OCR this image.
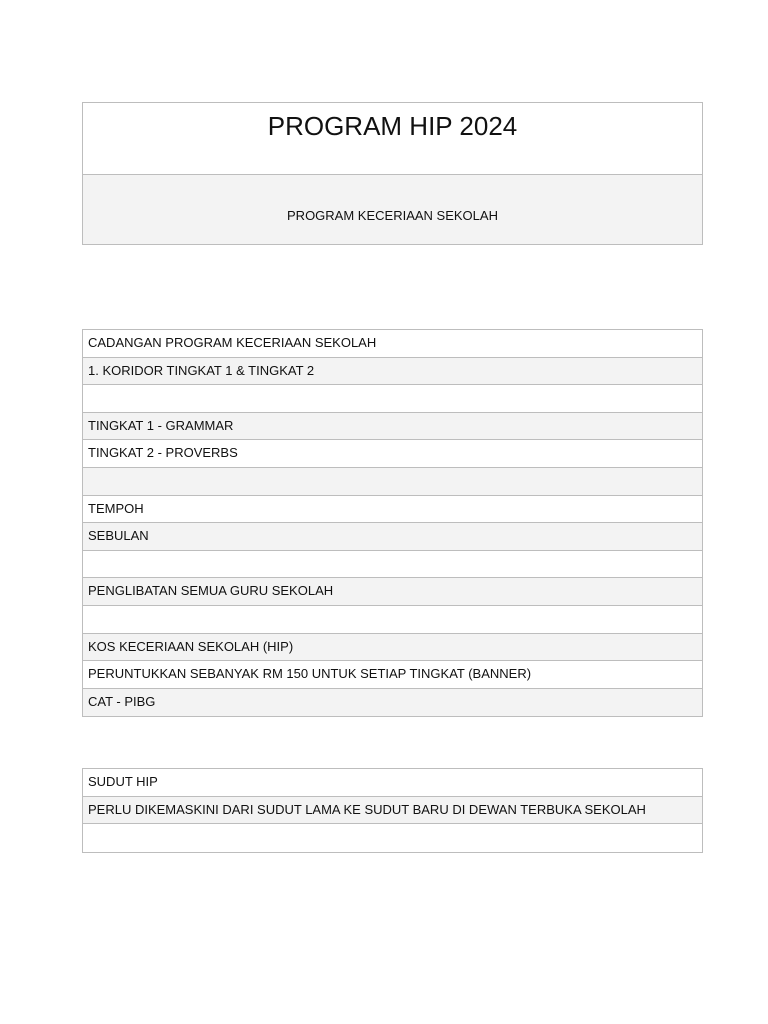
PROGRAM HIP 2024
PROGRAM KECERIAAN SEKOLAH
CADANGAN PROGRAM KECERIAAN SEKOLAH
1. KORIDOR TINGKAT 1 & TINGKAT 2
TINGKAT 1 - GRAMMAR
TINGKAT 2 - PROVERBS
TEMPOH
SEBULAN
PENGLIBATAN SEMUA GURU SEKOLAH
KOS KECERIAAN SEKOLAH (HIP)
PERUNTUKKAN SEBANYAK RM 150 UNTUK SETIAP TINGKAT (BANNER)
CAT - PIBG
SUDUT HIP
PERLU DIKEMASKINI DARI SUDUT LAMA KE SUDUT BARU DI DEWAN TERBUKA SEKOLAH
